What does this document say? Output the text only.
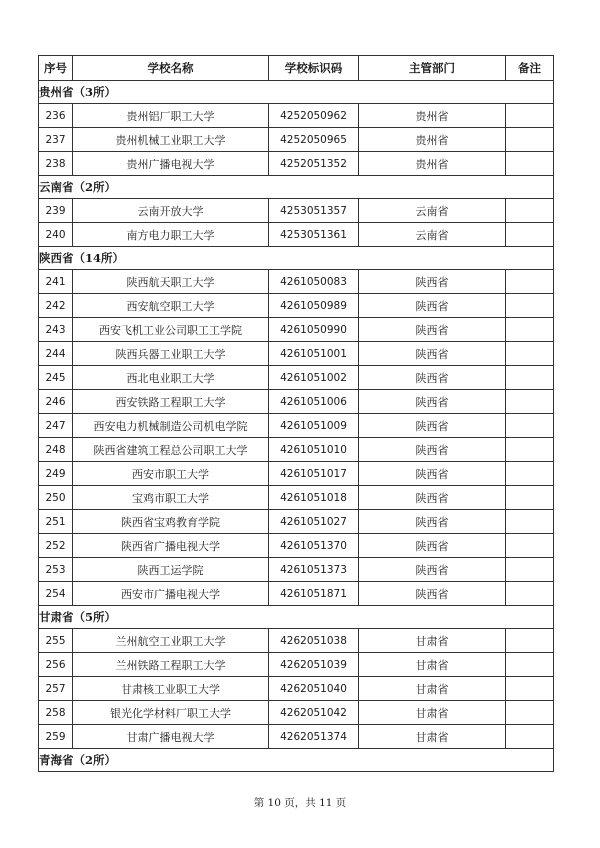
序号	学校名称	学校标识码	主管部门	备注
贵州省（3所）				
236	贵州铝厂职工大学	4252050962	贵州省	
237	贵州机械工业职工大学	4252050965	贵州省	
238	贵州广播电视大学	4252051352	贵州省	
云南省（2所）				
239	云南开放大学	4253051357	云南省	
240	南方电力职工大学	4253051361	云南省	
陕西省（14所）				
241	陕西航天职工大学	4261050083	陕西省	
242	西安航空职工大学	4261050989	陕西省	
243	西安飞机工业公司职工工学院	4261050990	陕西省	
244	陕西兵器工业职工大学	4261051001	陕西省	
245	西北电业职工大学	4261051002	陕西省	
246	西安铁路工程职工大学	4261051006	陕西省	
247	西安电力机械制造公司机电学院	4261051009	陕西省	
248	陕西省建筑工程总公司职工大学	4261051010	陕西省	
249	西安市职工大学	4261051017	陕西省	
250	宝鸡市职工大学	4261051018	陕西省	
251	陕西省宝鸡教育学院	4261051027	陕西省	
252	陕西省广播电视大学	4261051370	陕西省	
253	陕西工运学院	4261051373	陕西省	
254	西安市广播电视大学	4261051871	陕西省	
甘肃省（5所）				
255	兰州航空工业职工大学	4262051038	甘肃省	
256	兰州铁路工程职工大学	4262051039	甘肃省	
257	甘肃核工业职工大学	4262051040	甘肃省	
258	银光化学材料厂职工大学	4262051042	甘肃省	
259	甘肃广播电视大学	4262051374	甘肃省	
青海省（2所）				
第 10 页，共 11 页
